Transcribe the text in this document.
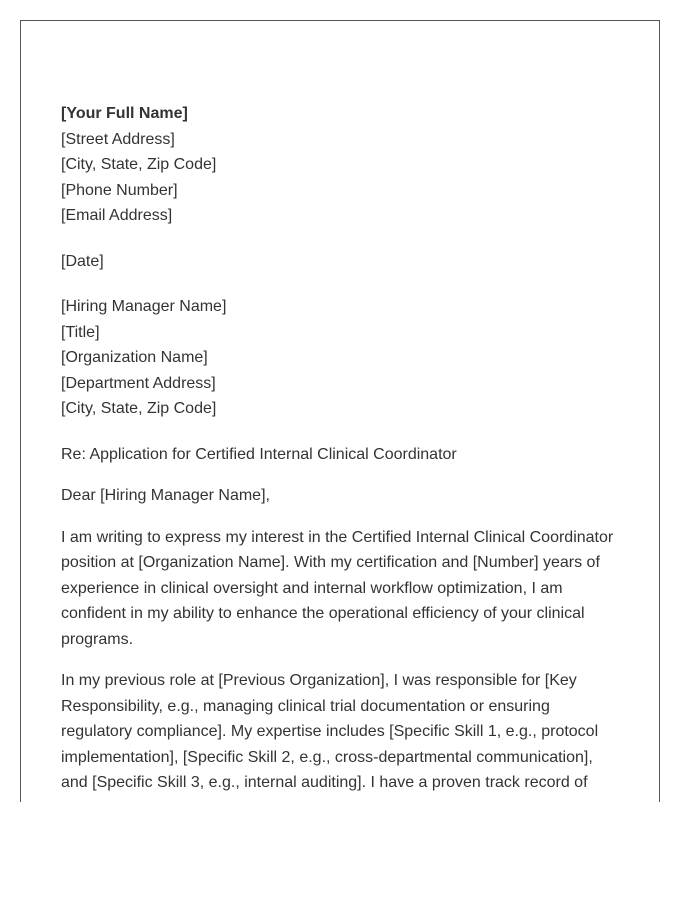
[Your Full Name]
[Street Address]
[City, State, Zip Code]
[Phone Number]
[Email Address]
[Date]
[Hiring Manager Name]
[Title]
[Organization Name]
[Department Address]
[City, State, Zip Code]
Re: Application for Certified Internal Clinical Coordinator
Dear [Hiring Manager Name],

I am writing to express my interest in the Certified Internal Clinical Coordinator
position at [Organization Name]. With my certification and [Number] years of
experience in clinical oversight and internal workflow optimization, I am
confident in my ability to enhance the operational efficiency of your clinical
programs.

In my previous role at [Previous Organization], I was responsible for [Key
Responsibility, e.g., managing clinical trial documentation or ensuring
regulatory compliance]. My expertise includes [Specific Skill 1, e.g., protocol
implementation], [Specific Skill 2, e.g., cross-departmental communication],
and [Specific Skill 3, e.g., internal auditing]. I have a proven track record of
